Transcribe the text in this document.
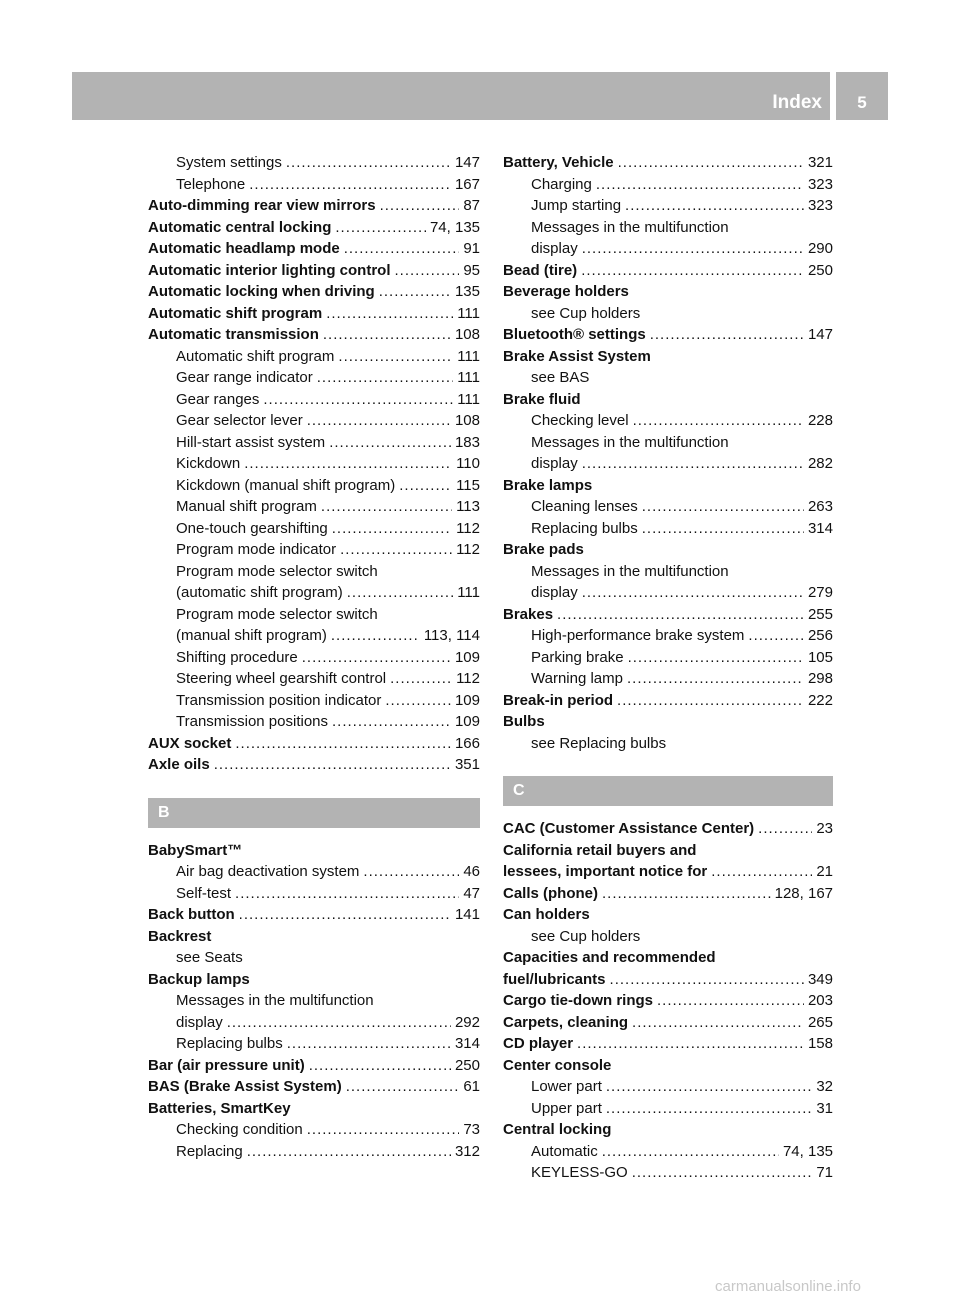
Index	5
System settings .....	147
Telephone .....	167
Auto-dimming rear view mirrors .....	87
Automatic central locking .....	74, 135
Automatic headlamp mode .....	91
Automatic interior lighting control .....	95
Automatic locking when driving .....	135
Automatic shift program .....	111
Automatic transmission .....	108
Automatic shift program .....	111
Gear range indicator .....	111
Gear ranges .....	111
Gear selector lever .....	108
Hill-start assist system .....	183
Kickdown .....	110
Kickdown (manual shift program) .....	115
Manual shift program .....	113
One-touch gearshifting .....	112
Program mode indicator .....	112
Program mode selector switch
(automatic shift program) .....	111
Program mode selector switch
(manual shift program) .....	113, 114
Shifting procedure .....	109
Steering wheel gearshift control .....	112
Transmission position indicator .....	109
Transmission positions .....	109
AUX socket .....	166
Axle oils .....	351
B
BabySmart™
Air bag deactivation system .....	46
Self-test .....	47
Back button .....	141
Backrest
see Seats
Backup lamps
Messages in the multifunction
display .....	292
Replacing bulbs .....	314
Bar (air pressure unit) .....	250
BAS (Brake Assist System) .....	61
Batteries, SmartKey
Checking condition .....	73
Replacing .....	312
Battery, Vehicle .....	321
Charging .....	323
Jump starting .....	323
Messages in the multifunction
display .....	290
Bead (tire) .....	250
Beverage holders
see Cup holders
Bluetooth® settings .....	147
Brake Assist System
see BAS
Brake fluid
Checking level .....	228
Messages in the multifunction
display .....	282
Brake lamps
Cleaning lenses .....	263
Replacing bulbs .....	314
Brake pads
Messages in the multifunction
display .....	279
Brakes .....	255
High-performance brake system .....	256
Parking brake .....	105
Warning lamp .....	298
Break-in period .....	222
Bulbs
see Replacing bulbs
C
CAC (Customer Assistance Center) .....	23
California retail buyers and
lessees, important notice for .....	21
Calls (phone) .....	128, 167
Can holders
see Cup holders
Capacities and recommended
fuel/lubricants .....	349
Cargo tie-down rings .....	203
Carpets, cleaning .....	265
CD player .....	158
Center console
Lower part .....	32
Upper part .....	31
Central locking
Automatic .....	74, 135
KEYLESS-GO .....	71
carmanualsonline.info
